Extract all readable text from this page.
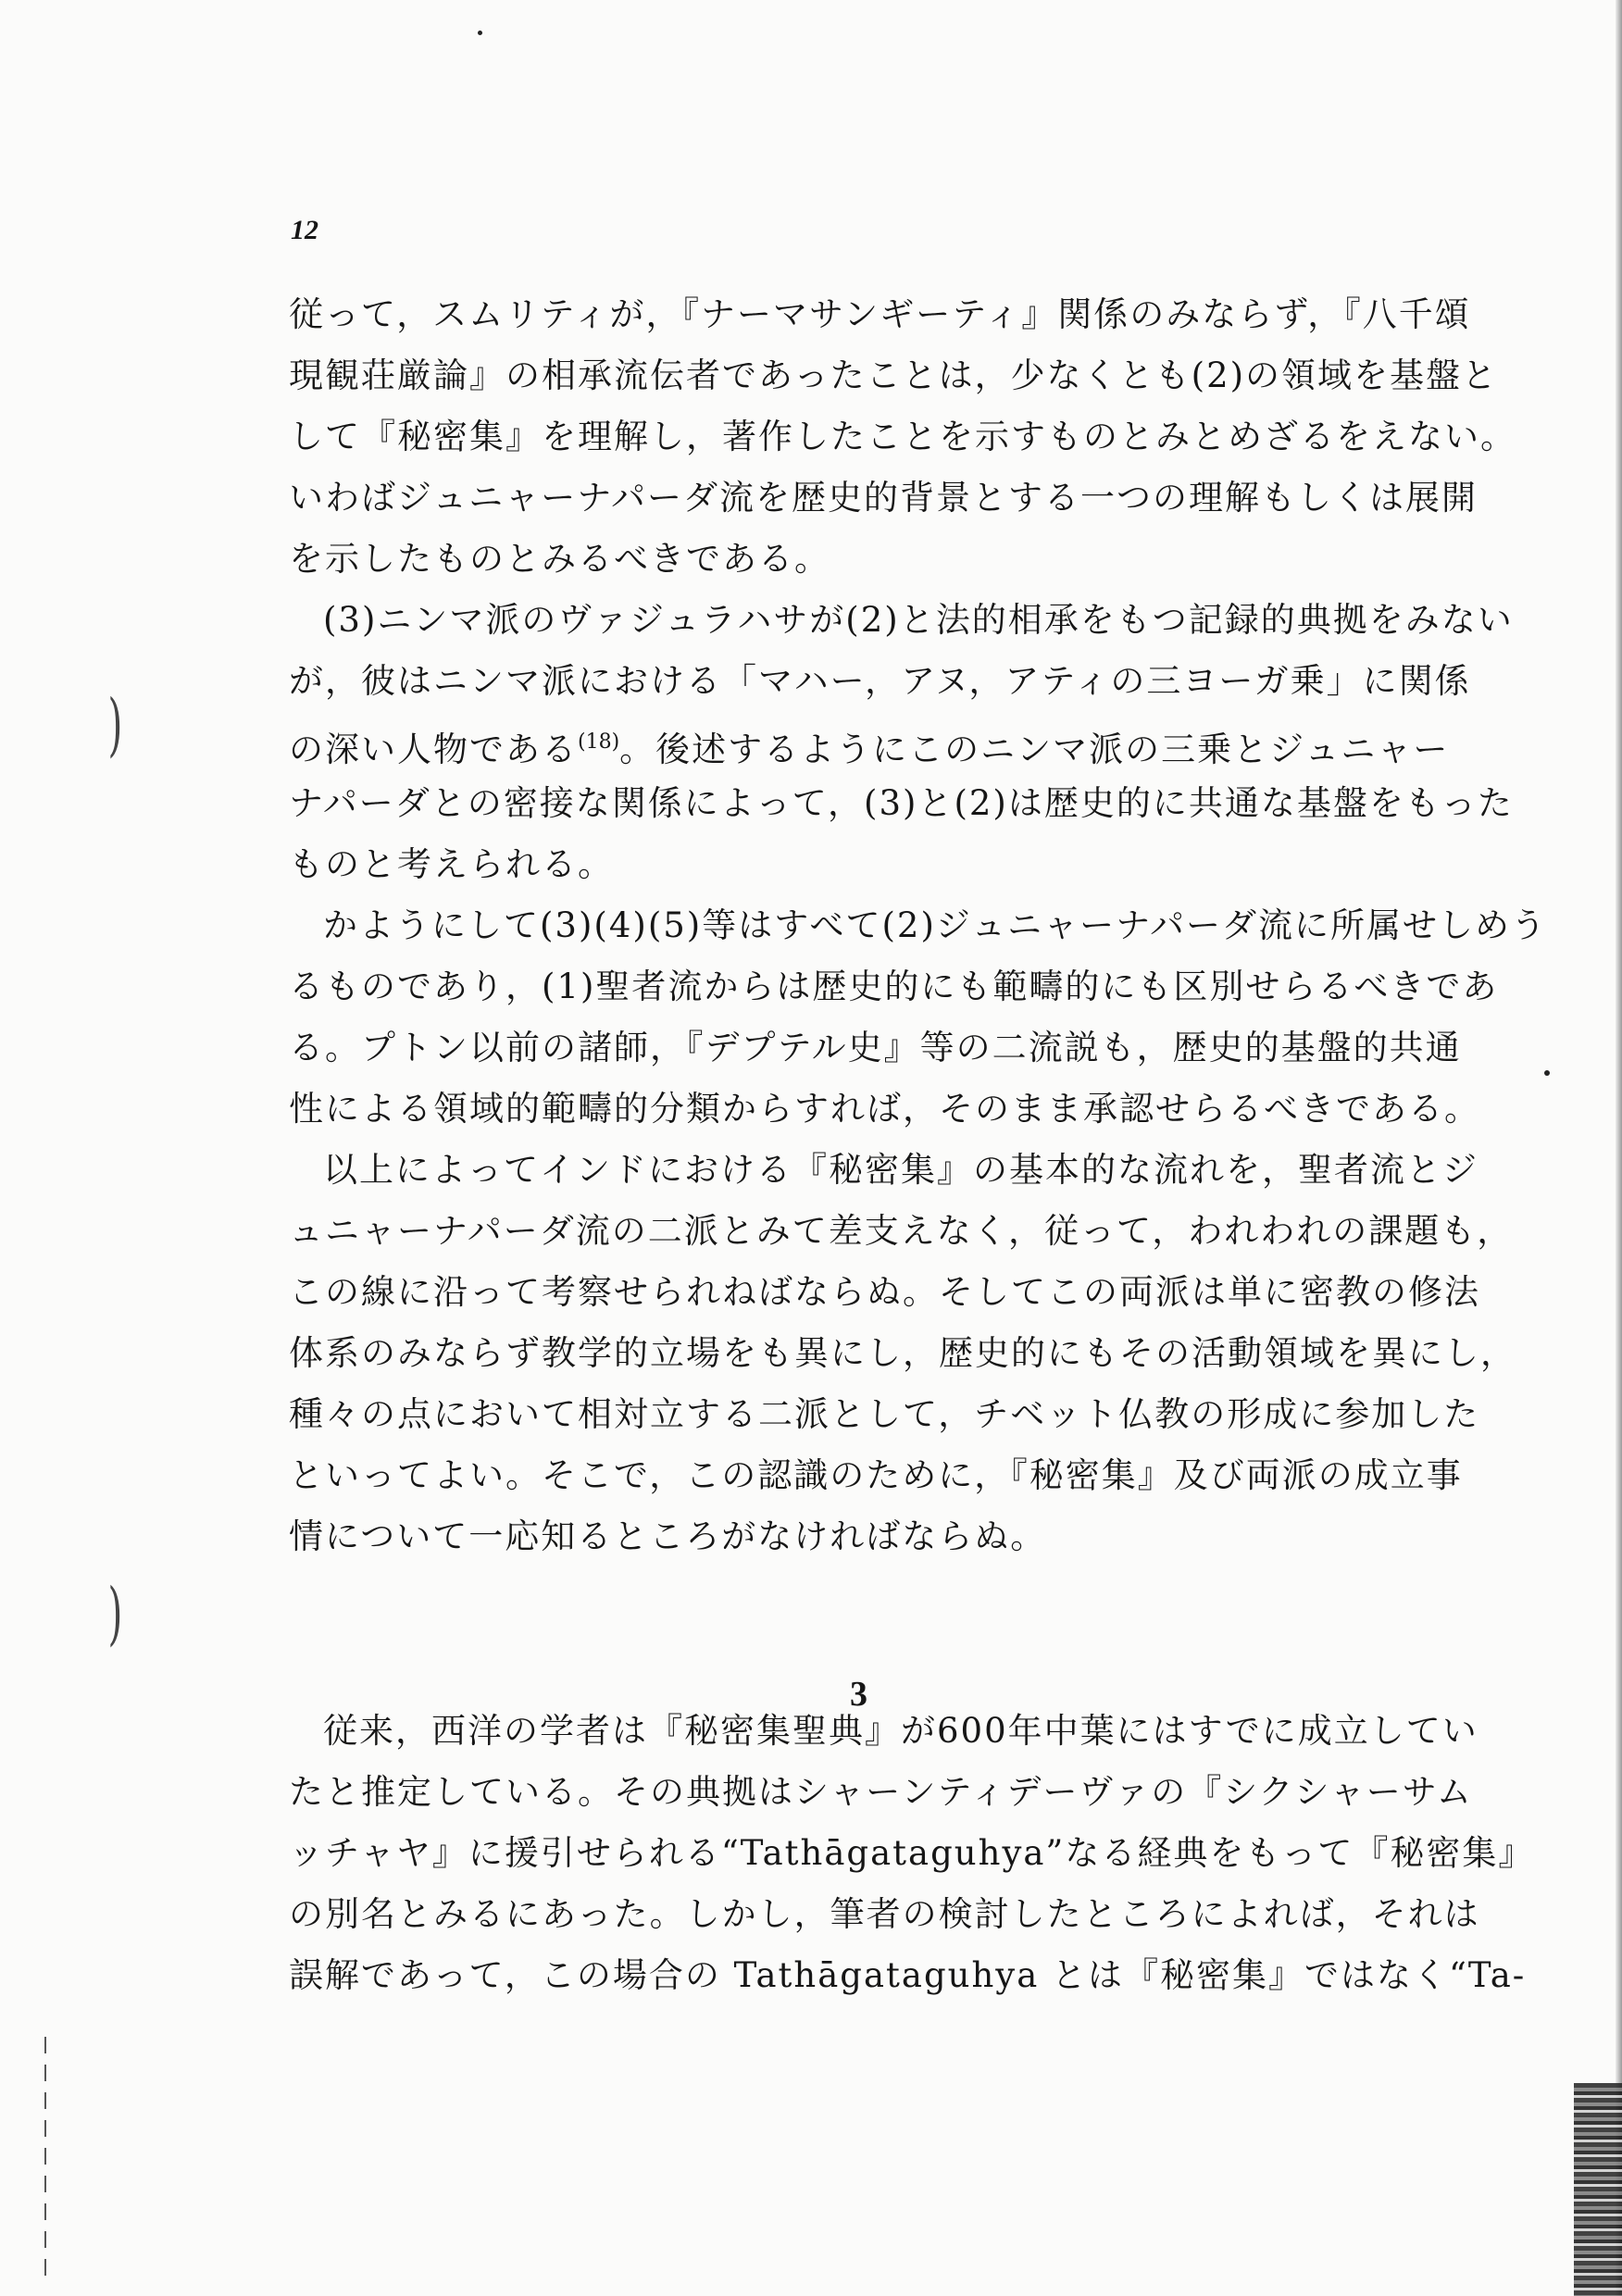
12
従って，スムリティが，『ナーマサンギーティ』関係のみならず，『八千頌
現観荘厳論』の相承流伝者であったことは，少なくとも(2)の領域を基盤と
して『秘密集』を理解し，著作したことを示すものとみとめざるをえない。
いわばジュニャーナパーダ流を歴史的背景とする一つの理解もしくは展開
を示したものとみるべきである。
(3)ニンマ派のヴァジュラハサが(2)と法的相承をもつ記録的典拠をみない
が，彼はニンマ派における「マハー，アヌ，アティの三ヨーガ乗」に関係
の深い人物である$^{(18)}$。後述するようにこのニンマ派の三乗とジュニャー
ナパーダとの密接な関係によって，(3)と(2)は歴史的に共通な基盤をもった
ものと考えられる。
かようにして(3)(4)(5)等はすべて(2)ジュニャーナパーダ流に所属せしめう
るものであり，(1)聖者流からは歴史的にも範疇的にも区別せらるべきであ
る。プトン以前の諸師，『デプテル史』等の二流説も，歴史的基盤的共通
性による領域的範疇的分類からすれば，そのまま承認せらるべきである。
以上によってインドにおける『秘密集』の基本的な流れを，聖者流とジ
ュニャーナパーダ流の二派とみて差支えなく，従って，われわれの課題も，
この線に沿って考察せられねばならぬ。そしてこの両派は単に密教の修法
体系のみならず教学的立場をも異にし，歴史的にもその活動領域を異にし，
種々の点において相対立する二派として，チベット仏教の形成に参加した
といってよい。そこで，この認識のために，『秘密集』及び両派の成立事
情について一応知るところがなければならぬ。
3
従来，西洋の学者は『秘密集聖典』が600年中葉にはすでに成立してい
たと推定している。その典拠はシャーンティデーヴァの『シクシャーサム
ッチャヤ』に援引せられる“Tathāgataguhya”なる経典をもって『秘密集』
の別名とみるにあった。しかし，筆者の検討したところによれば，それは
誤解であって，この場合の Tathāgataguhya とは『秘密集』ではなく“Ta-
)
)
